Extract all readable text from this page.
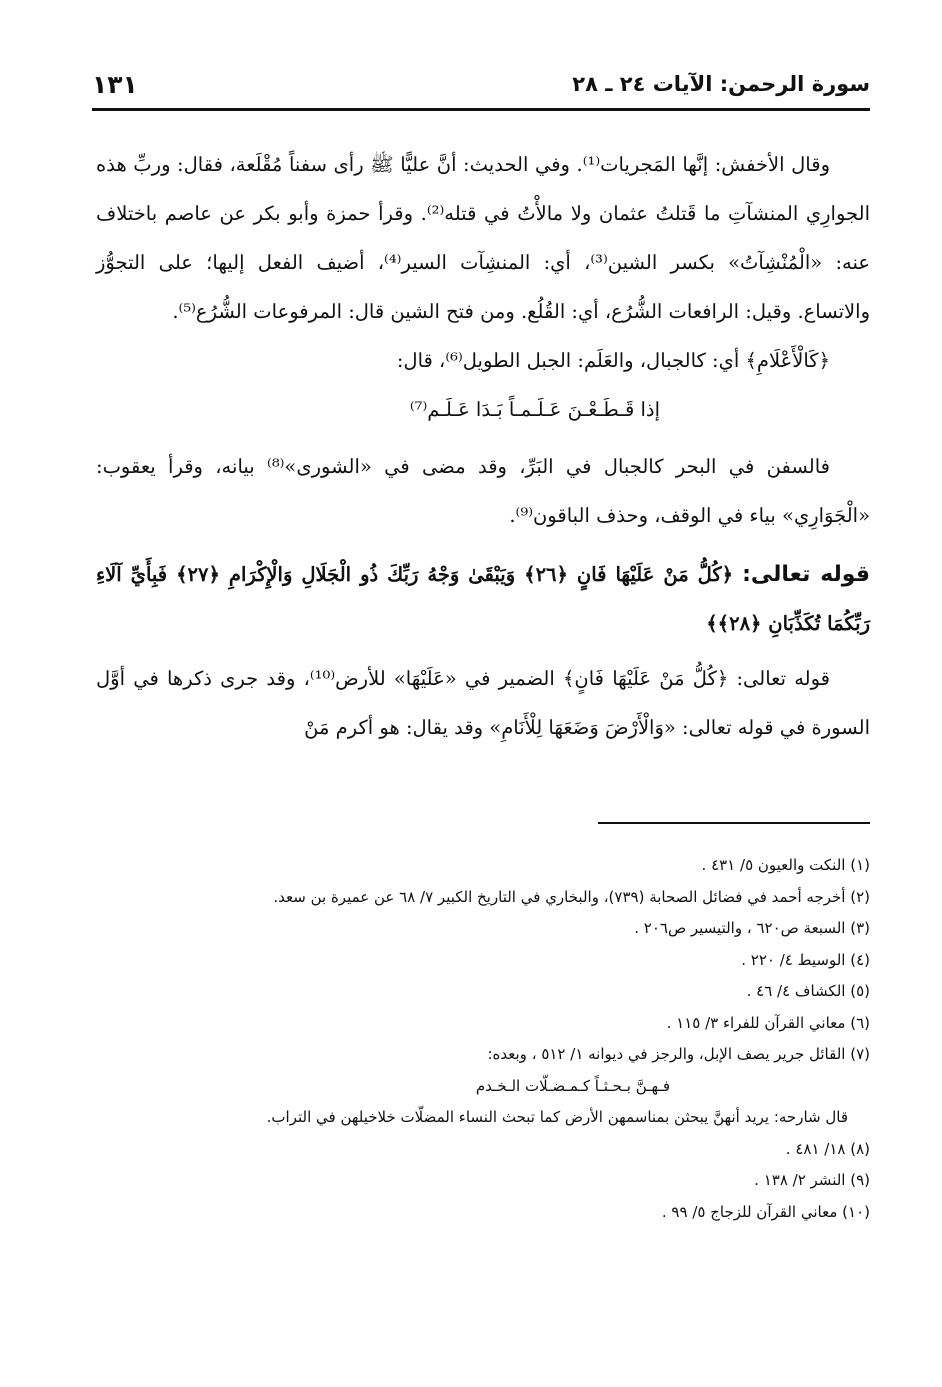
١٣١	سورة الرحمن: الآيات ٢٤ ـ ٢٨

وقال الأخفش: إنَّها المَجريات⁽¹⁾. وفي الحديث: أنَّ عليًّا ﷺ رأى سفناً مُقْلَعة، فقال: وربِّ هذه الجوارِي المنشآتِ ما قَتلتُ عثمان ولا مالأْتُ في قتله⁽²⁾. وقرأ حمزة وأبو بكر عن عاصم باختلاف عنه: «الْمُنْشِآتُ» بكسر الشين⁽³⁾، أي: المنشِآت السير⁽⁴⁾، أضيف الفعل إليها؛ على التجوُّز والاتساع. وقيل: الرافعات الشُّرُع، أي: القُلُع. ومن فتح الشين قال: المرفوعات الشُّرُع⁽⁵⁾.

﴿كَالْأَعْلَامِ﴾ أي: كالجبال، والعَلَم: الجبل الطويل⁽⁶⁾، قال:

إذا قَـطَـعْـنَ عَـلَـمـاً بَـدَا عَـلَـم⁽⁷⁾

فالسفن في البحر كالجبال في البَرِّ، وقد مضى في «الشورى»⁽⁸⁾ بيانه، وقرأ يعقوب: «الْجَوَارِي» بياء في الوقف، وحذف الباقون⁽⁹⁾.

قوله تعالى: ﴿كُلُّ مَنْ عَلَيْهَا فَانٍ ﴿٢٦﴾ وَيَبْقَىٰ وَجْهُ رَبِّكَ ذُو الْجَلَالِ وَالْإِكْرَامِ ﴿٢٧﴾ فَبِأَيِّ آلَاءِ رَبِّكُمَا تُكَذِّبَانِ ﴿٢٨﴾﴾

قوله تعالى: ﴿كُلُّ مَنْ عَلَيْهَا فَانٍ﴾ الضمير في «عَلَيْهَا» للأرض⁽¹⁰⁾، وقد جرى ذكرها في أوَّل السورة في قوله تعالى: «وَالْأَرْضَ وَضَعَهَا لِلْأَنَامِ» وقد يقال: هو أكرم مَنْ

(١) النكت والعيون ٥/ ٤٣١ .

(٢) أخرجه أحمد في فضائل الصحابة (٧٣٩)، والبخاري في التاريخ الكبير ٧/ ٦٨ عن عميرة بن سعد.

(٣) السبعة ص٦٢٠ ، والتيسير ص٢٠٦ .

(٤) الوسيط ٤/ ٢٢٠ .

(٥) الكشاف ٤/ ٤٦ .

(٦) معاني القرآن للفراء ٣/ ١١٥ .

(٧) القائل جرير يصف الإبل، والرجز في ديوانه ١/ ٥١٢ ، وبعده:

فـهـنَّ بـحـثـاً كـمـضـلّات الـخـدم

قال شارحه: يريد أنهنَّ يبحثن بمناسمهن الأرض كما تبحث النساء المضلّات خلاخيلهن في التراب.

(٨) ١٨/ ٤٨١ .

(٩) النشر ٢/ ١٣٨ .

(١٠) معاني القرآن للزجاج ٥/ ٩٩ .
